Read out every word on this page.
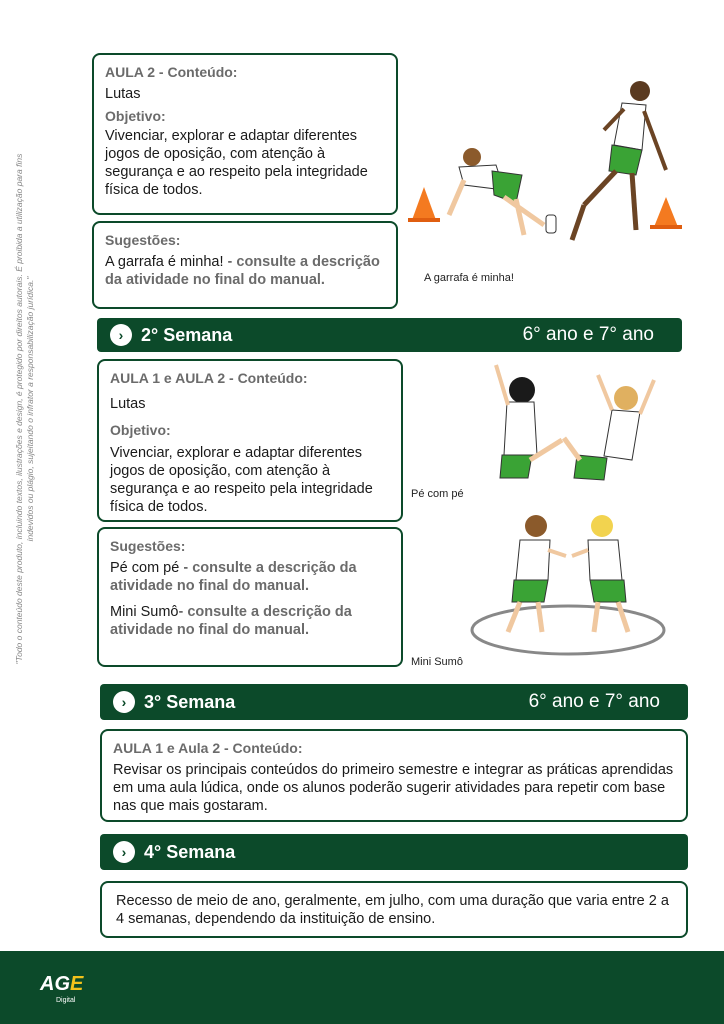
"Todo o conteúdo deste produto, incluindo textos, ilustrações e design, é protegido por direitos autorais. É proibida a utilização para fins indevidos ou plágio, sujeitando o infrator a responsabilização jurídica."
AULA 2 - Conteúdo:
Lutas
Objetivo:
Vivenciar, explorar e adaptar diferentes jogos de oposição, com atenção à segurança e ao respeito pela integridade física de todos.
Sugestões:
A garrafa é minha! - consulte a descrição da atividade no final do manual.	A garrafa é minha!
› 2° Semana	6° ano e 7° ano
AULA 1 e AULA 2 - Conteúdo:
Lutas
Objetivo:
Vivenciar, explorar e adaptar diferentes jogos de oposição, com atenção à segurança e ao respeito pela integridade física de todos.
Sugestões:
Pé com pé - consulte a descrição da atividade no final do manual.
Mini Sumô- consulte a descrição da atividade no final do manual.
Pé com pé
Mini Sumô
› 3° Semana	6° ano e 7° ano
AULA 1 e Aula 2 - Conteúdo:
Revisar os principais conteúdos do primeiro semestre e integrar as práticas aprendidas em uma aula lúdica, onde os alunos poderão sugerir atividades para repetir com base nas que mais gostaram.
› 4° Semana
Recesso de meio de ano, geralmente, em julho, com uma duração que varia entre 2 a 4 semanas, dependendo da instituição de ensino.
AGE
Digital
